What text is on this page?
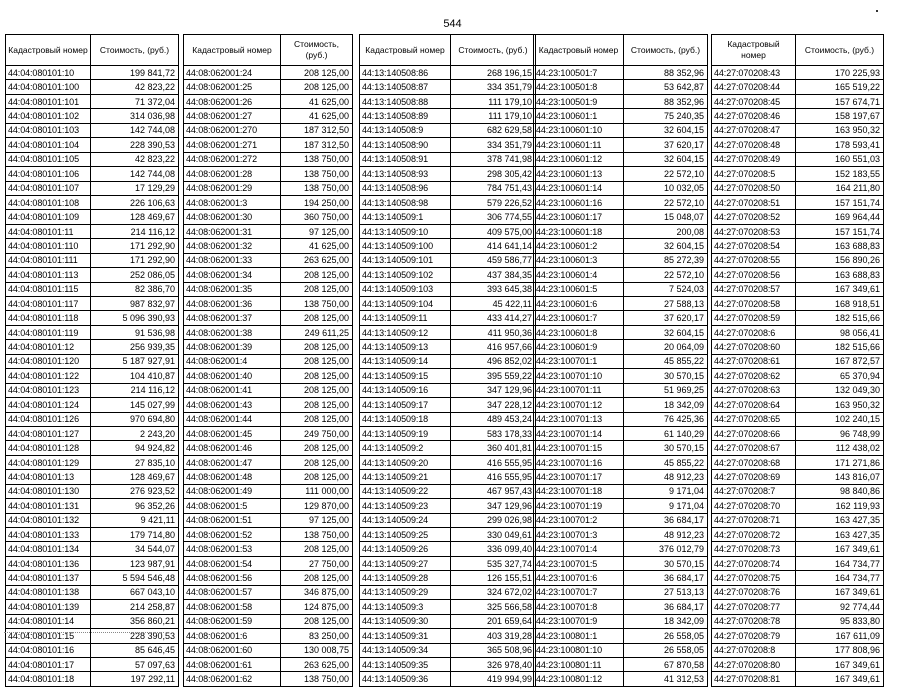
544
Кадастровый номер	Стоимость, (руб.)
44:04:080101:10	199 841,72
44:04:080101:100	42 823,22
44:04:080101:101	71 372,04
44:04:080101:102	314 036,98
44:04:080101:103	142 744,08
44:04:080101:104	228 390,53
44:04:080101:105	42 823,22
44:04:080101:106	142 744,08
44:04:080101:107	17 129,29
44:04:080101:108	226 106,63
44:04:080101:109	128 469,67
44:04:080101:11	214 116,12
44:04:080101:110	171 292,90
44:04:080101:111	171 292,90
44:04:080101:113	252 086,05
44:04:080101:115	82 386,70
44:04:080101:117	987 832,97
44:04:080101:118	5 096 390,93
44:04:080101:119	91 536,98
44:04:080101:12	256 939,35
44:04:080101:120	5 187 927,91
44:04:080101:122	104 410,87
44:04:080101:123	214 116,12
44:04:080101:124	145 027,99
44:04:080101:126	970 694,80
44:04:080101:127	2 243,20
44:04:080101:128	94 924,82
44:04:080101:129	27 835,10
44:04:080101:13	128 469,67
44:04:080101:130	276 923,52
44:04:080101:131	96 352,26
44:04:080101:132	9 421,11
44:04:080101:133	179 714,80
44:04:080101:134	34 544,07
44:04:080101:136	123 987,91
44:04:080101:137	5 594 546,48
44:04:080101:138	667 043,10
44:04:080101:139	214 258,87
44:04:080101:14	356 860,21
44:04:080101:15	228 390,53
44:04:080101:16	85 646,45
44:04:080101:17	57 097,63
44:04:080101:18	197 292,11
Кадастровый номер	Стоимость, (руб.)
44:08:062001:24	208 125,00
44:08:062001:25	208 125,00
44:08:062001:26	41 625,00
44:08:062001:27	41 625,00
44:08:062001:270	187 312,50
44:08:062001:271	187 312,50
44:08:062001:272	138 750,00
44:08:062001:28	138 750,00
44:08:062001:29	138 750,00
44:08:062001:3	194 250,00
44:08:062001:30	360 750,00
44:08:062001:31	97 125,00
44:08:062001:32	41 625,00
44:08:062001:33	263 625,00
44:08:062001:34	208 125,00
44:08:062001:35	208 125,00
44:08:062001:36	138 750,00
44:08:062001:37	208 125,00
44:08:062001:38	249 611,25
44:08:062001:39	208 125,00
44:08:062001:4	208 125,00
44:08:062001:40	208 125,00
44:08:062001:41	208 125,00
44:08:062001:43	208 125,00
44:08:062001:44	208 125,00
44:08:062001:45	249 750,00
44:08:062001:46	208 125,00
44:08:062001:47	208 125,00
44:08:062001:48	208 125,00
44:08:062001:49	111 000,00
44:08:062001:5	129 870,00
44:08:062001:51	97 125,00
44:08:062001:52	138 750,00
44:08:062001:53	208 125,00
44:08:062001:54	27 750,00
44:08:062001:56	208 125,00
44:08:062001:57	346 875,00
44:08:062001:58	124 875,00
44:08:062001:59	208 125,00
44:08:062001:6	83 250,00
44:08:062001:60	130 008,75
44:08:062001:61	263 625,00
44:08:062001:62	138 750,00
Кадастровый номер	Стоимость, (руб.)
44:13:140508:86	268 196,15
44:13:140508:87	334 351,79
44:13:140508:88	111 179,10
44:13:140508:89	111 179,10
44:13:140508:9	682 629,58
44:13:140508:90	334 351,79
44:13:140508:91	378 741,98
44:13:140508:93	298 305,42
44:13:140508:96	784 751,43
44:13:140508:98	579 226,52
44:13:140509:1	306 774,55
44:13:140509:10	409 575,00
44:13:140509:100	414 641,14
44:13:140509:101	459 586,77
44:13:140509:102	437 384,35
44:13:140509:103	393 645,38
44:13:140509:104	45 422,11
44:13:140509:11	433 414,27
44:13:140509:12	411 950,36
44:13:140509:13	416 957,66
44:13:140509:14	496 852,02
44:13:140509:15	395 559,22
44:13:140509:16	347 129,96
44:13:140509:17	347 228,12
44:13:140509:18	489 453,24
44:13:140509:19	583 178,33
44:13:140509:2	360 401,81
44:13:140509:20	416 555,95
44:13:140509:21	416 555,95
44:13:140509:22	467 957,43
44:13:140509:23	347 129,96
44:13:140509:24	299 026,98
44:13:140509:25	330 049,61
44:13:140509:26	336 099,40
44:13:140509:27	535 327,74
44:13:140509:28	126 155,51
44:13:140509:29	324 672,02
44:13:140509:3	325 566,58
44:13:140509:30	201 659,64
44:13:140509:31	403 319,28
44:13:140509:34	365 508,96
44:13:140509:35	326 978,40
44:13:140509:36	419 994,99
Кадастровый номер	Стоимость, (руб.)
44:23:100501:7	88 352,96
44:23:100501:8	53 642,87
44:23:100501:9	88 352,96
44:23:100601:1	75 240,35
44:23:100601:10	32 604,15
44:23:100601:11	37 620,17
44:23:100601:12	32 604,15
44:23:100601:13	22 572,10
44:23:100601:14	10 032,05
44:23:100601:16	22 572,10
44:23:100601:17	15 048,07
44:23:100601:18	200,08
44:23:100601:2	32 604,15
44:23:100601:3	85 272,39
44:23:100601:4	22 572,10
44:23:100601:5	7 524,03
44:23:100601:6	27 588,13
44:23:100601:7	37 620,17
44:23:100601:8	32 604,15
44:23:100601:9	20 064,09
44:23:100701:1	45 855,22
44:23:100701:10	30 570,15
44:23:100701:11	51 969,25
44:23:100701:12	18 342,09
44:23:100701:13	76 425,36
44:23:100701:14	61 140,29
44:23:100701:15	30 570,15
44:23:100701:16	45 855,22
44:23:100701:17	48 912,23
44:23:100701:18	9 171,04
44:23:100701:19	9 171,04
44:23:100701:2	36 684,17
44:23:100701:3	48 912,23
44:23:100701:4	376 012,79
44:23:100701:5	30 570,15
44:23:100701:6	36 684,17
44:23:100701:7	27 513,13
44:23:100701:8	36 684,17
44:23:100701:9	18 342,09
44:23:100801:1	26 558,05
44:23:100801:10	26 558,05
44:23:100801:11	67 870,58
44:23:100801:12	41 312,53
Кадастровый номер	Стоимость, (руб.)
44:27:070208:43	170 225,93
44:27:070208:44	165 519,22
44:27:070208:45	157 674,71
44:27:070208:46	158 197,67
44:27:070208:47	163 950,32
44:27:070208:48	178 593,41
44:27:070208:49	160 551,03
44:27:070208:5	152 183,55
44:27:070208:50	164 211,80
44:27:070208:51	157 151,74
44:27:070208:52	169 964,44
44:27:070208:53	157 151,74
44:27:070208:54	163 688,83
44:27:070208:55	156 890,26
44:27:070208:56	163 688,83
44:27:070208:57	167 349,61
44:27:070208:58	168 918,51
44:27:070208:59	182 515,66
44:27:070208:6	98 056,41
44:27:070208:60	182 515,66
44:27:070208:61	167 872,57
44:27:070208:62	65 370,94
44:27:070208:63	132 049,30
44:27:070208:64	163 950,32
44:27:070208:65	102 240,15
44:27:070208:66	96 748,99
44:27:070208:67	112 438,02
44:27:070208:68	171 271,86
44:27:070208:69	143 816,07
44:27:070208:7	98 840,86
44:27:070208:70	162 119,93
44:27:070208:71	163 427,35
44:27:070208:72	163 427,35
44:27:070208:73	167 349,61
44:27:070208:74	164 734,77
44:27:070208:75	164 734,77
44:27:070208:76	167 349,61
44:27:070208:77	92 774,44
44:27:070208:78	95 833,80
44:27:070208:79	167 611,09
44:27:070208:8	177 808,96
44:27:070208:80	167 349,61
44:27:070208:81	167 349,61
